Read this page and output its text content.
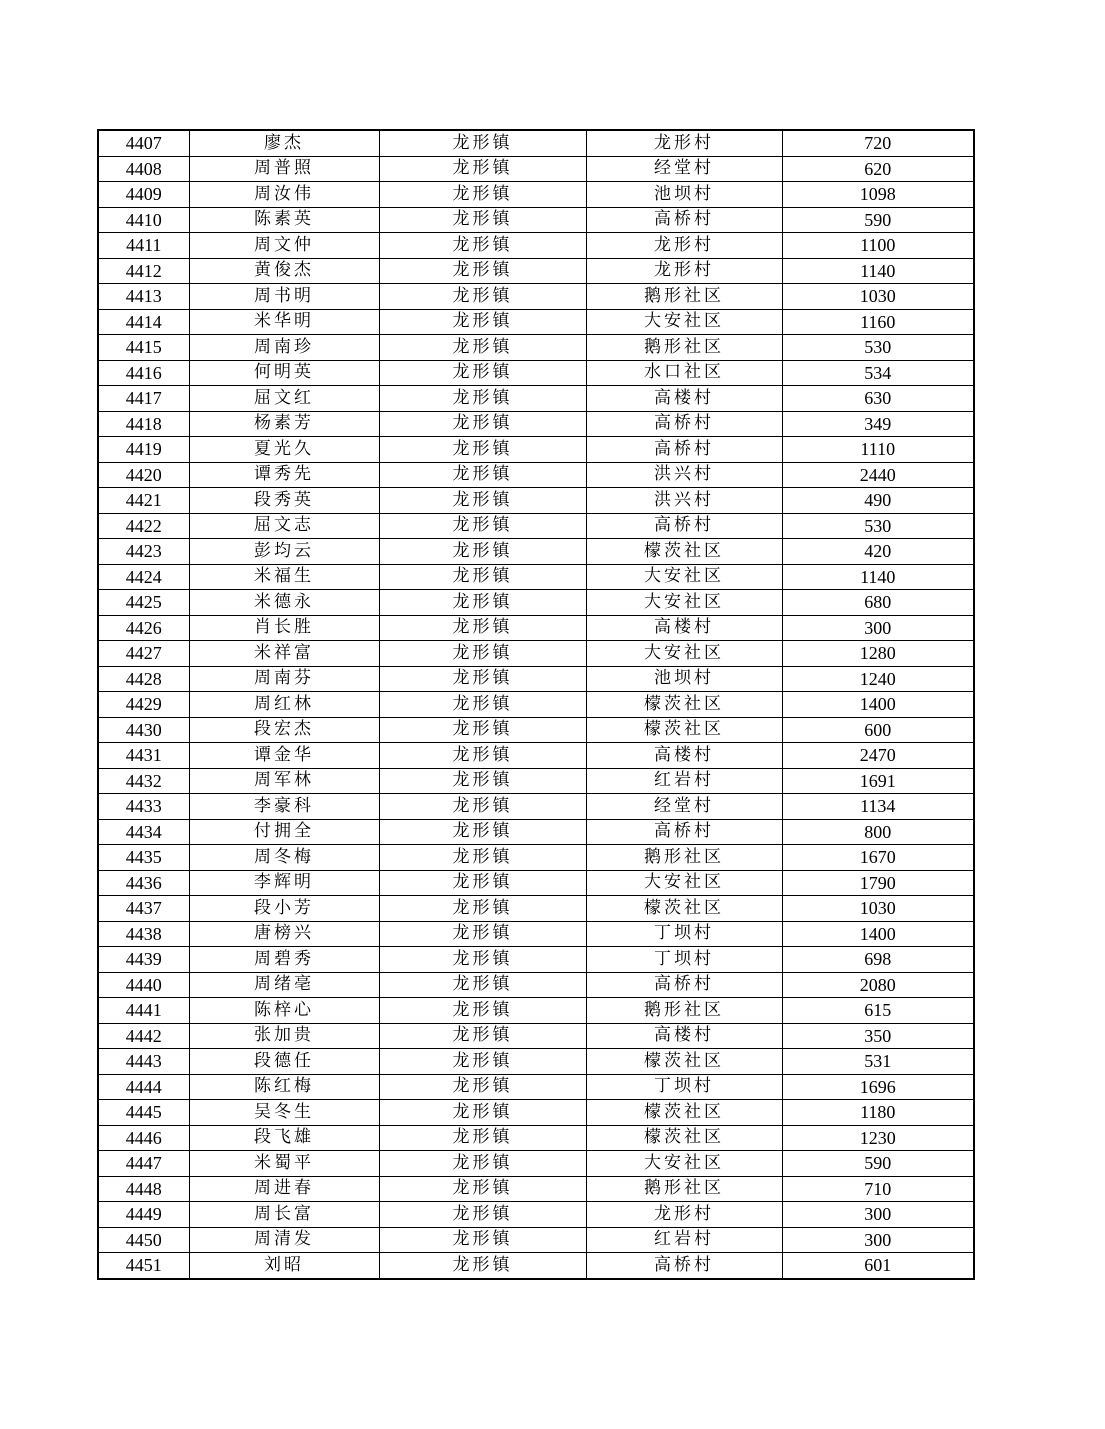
4407	廖杰	龙形镇	龙形村	720
4408	周普照	龙形镇	经堂村	620
4409	周汝伟	龙形镇	池坝村	1098
4410	陈素英	龙形镇	高桥村	590
4411	周文仲	龙形镇	龙形村	1100
4412	黄俊杰	龙形镇	龙形村	1140
4413	周书明	龙形镇	鹅形社区	1030
4414	米华明	龙形镇	大安社区	1160
4415	周南珍	龙形镇	鹅形社区	530
4416	何明英	龙形镇	水口社区	534
4417	屈文红	龙形镇	高楼村	630
4418	杨素芳	龙形镇	高桥村	349
4419	夏光久	龙形镇	高桥村	1110
4420	谭秀先	龙形镇	洪兴村	2440
4421	段秀英	龙形镇	洪兴村	490
4422	屈文志	龙形镇	高桥村	530
4423	彭均云	龙形镇	檬茨社区	420
4424	米福生	龙形镇	大安社区	1140
4425	米德永	龙形镇	大安社区	680
4426	肖长胜	龙形镇	高楼村	300
4427	米祥富	龙形镇	大安社区	1280
4428	周南芬	龙形镇	池坝村	1240
4429	周红林	龙形镇	檬茨社区	1400
4430	段宏杰	龙形镇	檬茨社区	600
4431	谭金华	龙形镇	高楼村	2470
4432	周军林	龙形镇	红岩村	1691
4433	李豪科	龙形镇	经堂村	1134
4434	付拥全	龙形镇	高桥村	800
4435	周冬梅	龙形镇	鹅形社区	1670
4436	李辉明	龙形镇	大安社区	1790
4437	段小芳	龙形镇	檬茨社区	1030
4438	唐榜兴	龙形镇	丁坝村	1400
4439	周碧秀	龙形镇	丁坝村	698
4440	周绪亳	龙形镇	高桥村	2080
4441	陈梓心	龙形镇	鹅形社区	615
4442	张加贵	龙形镇	高楼村	350
4443	段德任	龙形镇	檬茨社区	531
4444	陈红梅	龙形镇	丁坝村	1696
4445	吴冬生	龙形镇	檬茨社区	1180
4446	段飞雄	龙形镇	檬茨社区	1230
4447	米蜀平	龙形镇	大安社区	590
4448	周进春	龙形镇	鹅形社区	710
4449	周长富	龙形镇	龙形村	300
4450	周清发	龙形镇	红岩村	300
4451	刘昭	龙形镇	高桥村	601
